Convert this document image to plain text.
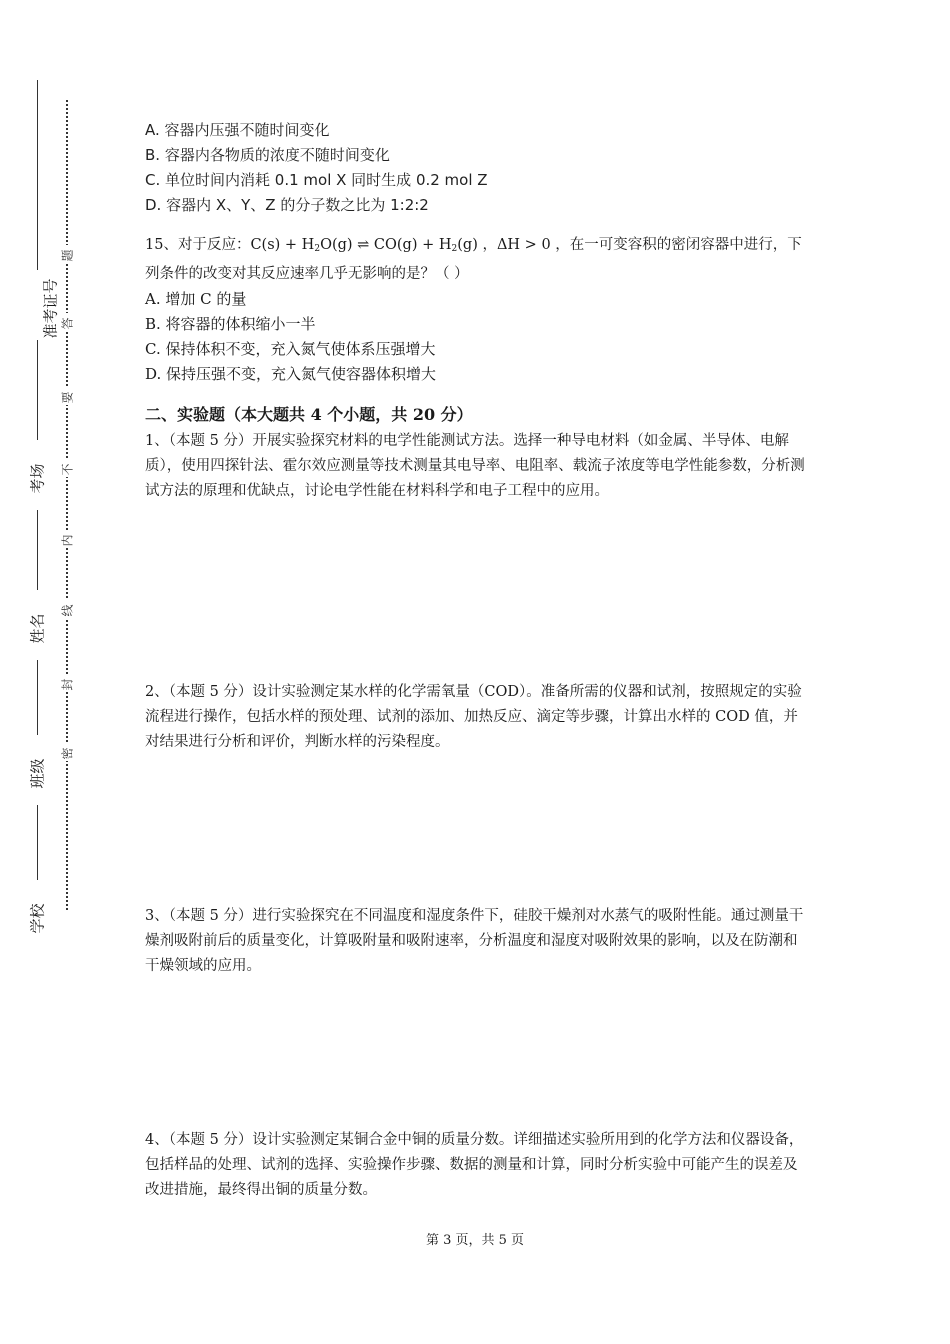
准考证号
考场
姓名
班级
学校
题
答
要
不
内
线
封
密
A. 容器内压强不随时间变化
B. 容器内各物质的浓度不随时间变化
C. 单位时间内消耗 0.1 mol X 同时生成 0.2 mol Z
D. 容器内 X、Y、Z 的分子数之比为 1:2:2
15、对于反应：$C(s) + H_2O(g)$ ⇌ $CO(g) + H_2(g)$ ，ΔH > 0 ，在一可变容积的密闭容器中进行，下列条件的改变对其反应速率几乎无影响的是？（ ）
A. 增加 C 的量
B. 将容器的体积缩小一半
C. 保持体积不变，充入氮气使体系压强增大
D. 保持压强不变，充入氮气使容器体积增大
二、实验题（本大题共 4 个小题，共 20 分）

1、（本题 5 分）开展实验探究材料的电学性能测试方法。选择一种导电材料（如金属、半导体、电解质），使用四探针法、霍尔效应测量等技术测量其电导率、电阻率、载流子浓度等电学性能参数，分析测试方法的原理和优缺点，讨论电学性能在材料科学和电子工程中的应用。

2、（本题 5 分）设计实验测定某水样的化学需氧量（COD）。准备所需的仪器和试剂，按照规定的实验流程进行操作，包括水样的预处理、试剂的添加、加热反应、滴定等步骤，计算出水样的 COD 值，并对结果进行分析和评价，判断水样的污染程度。

3、（本题 5 分）进行实验探究在不同温度和湿度条件下，硅胶干燥剂对水蒸气的吸附性能。通过测量干燥剂吸附前后的质量变化，计算吸附量和吸附速率，分析温度和湿度对吸附效果的影响，以及在防潮和干燥领域的应用。

4、（本题 5 分）设计实验测定某铜合金中铜的质量分数。详细描述实验所用到的化学方法和仪器设备，包括样品的处理、试剂的选择、实验操作步骤、数据的测量和计算，同时分析实验中可能产生的误差及改进措施，最终得出铜的质量分数。

第 3 页，共 5 页
